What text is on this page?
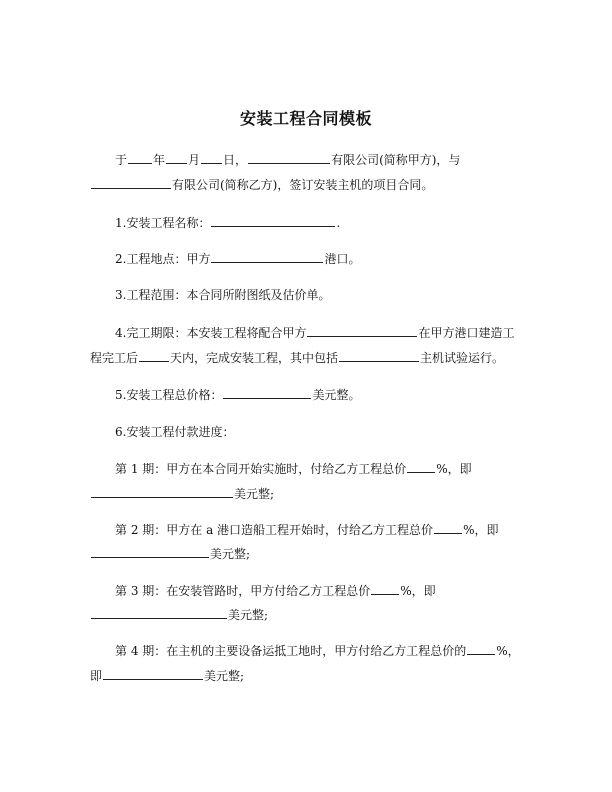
安装工程合同模板
于 年 月 日，	有限公司(简称甲方)，与
有限公司(简称乙方)，签订安装主机的项目合同。
1.安装工程名称：	.
2.工程地点：甲方	港口。
3.工程范围：本合同所附图纸及估价单。
4.完工期限：本安装工程将配合甲方	在甲方港口建造工
程完工后	天内，完成安装工程，其中包括	主机试验运行。
5.安装工程总价格：	美元整。
6.安装工程付款进度：
第 1 期：甲方在本合同开始实施时，付给乙方工程总价	%，即
美元整;
第 2 期：甲方在 a 港口造船工程开始时，付给乙方工程总价	%，即
美元整;
第 3 期：在安装管路时，甲方付给乙方工程总价	%，即
美元整;
第 4 期：在主机的主要设备运抵工地时，甲方付给乙方工程总价的	%，
即	美元整;
